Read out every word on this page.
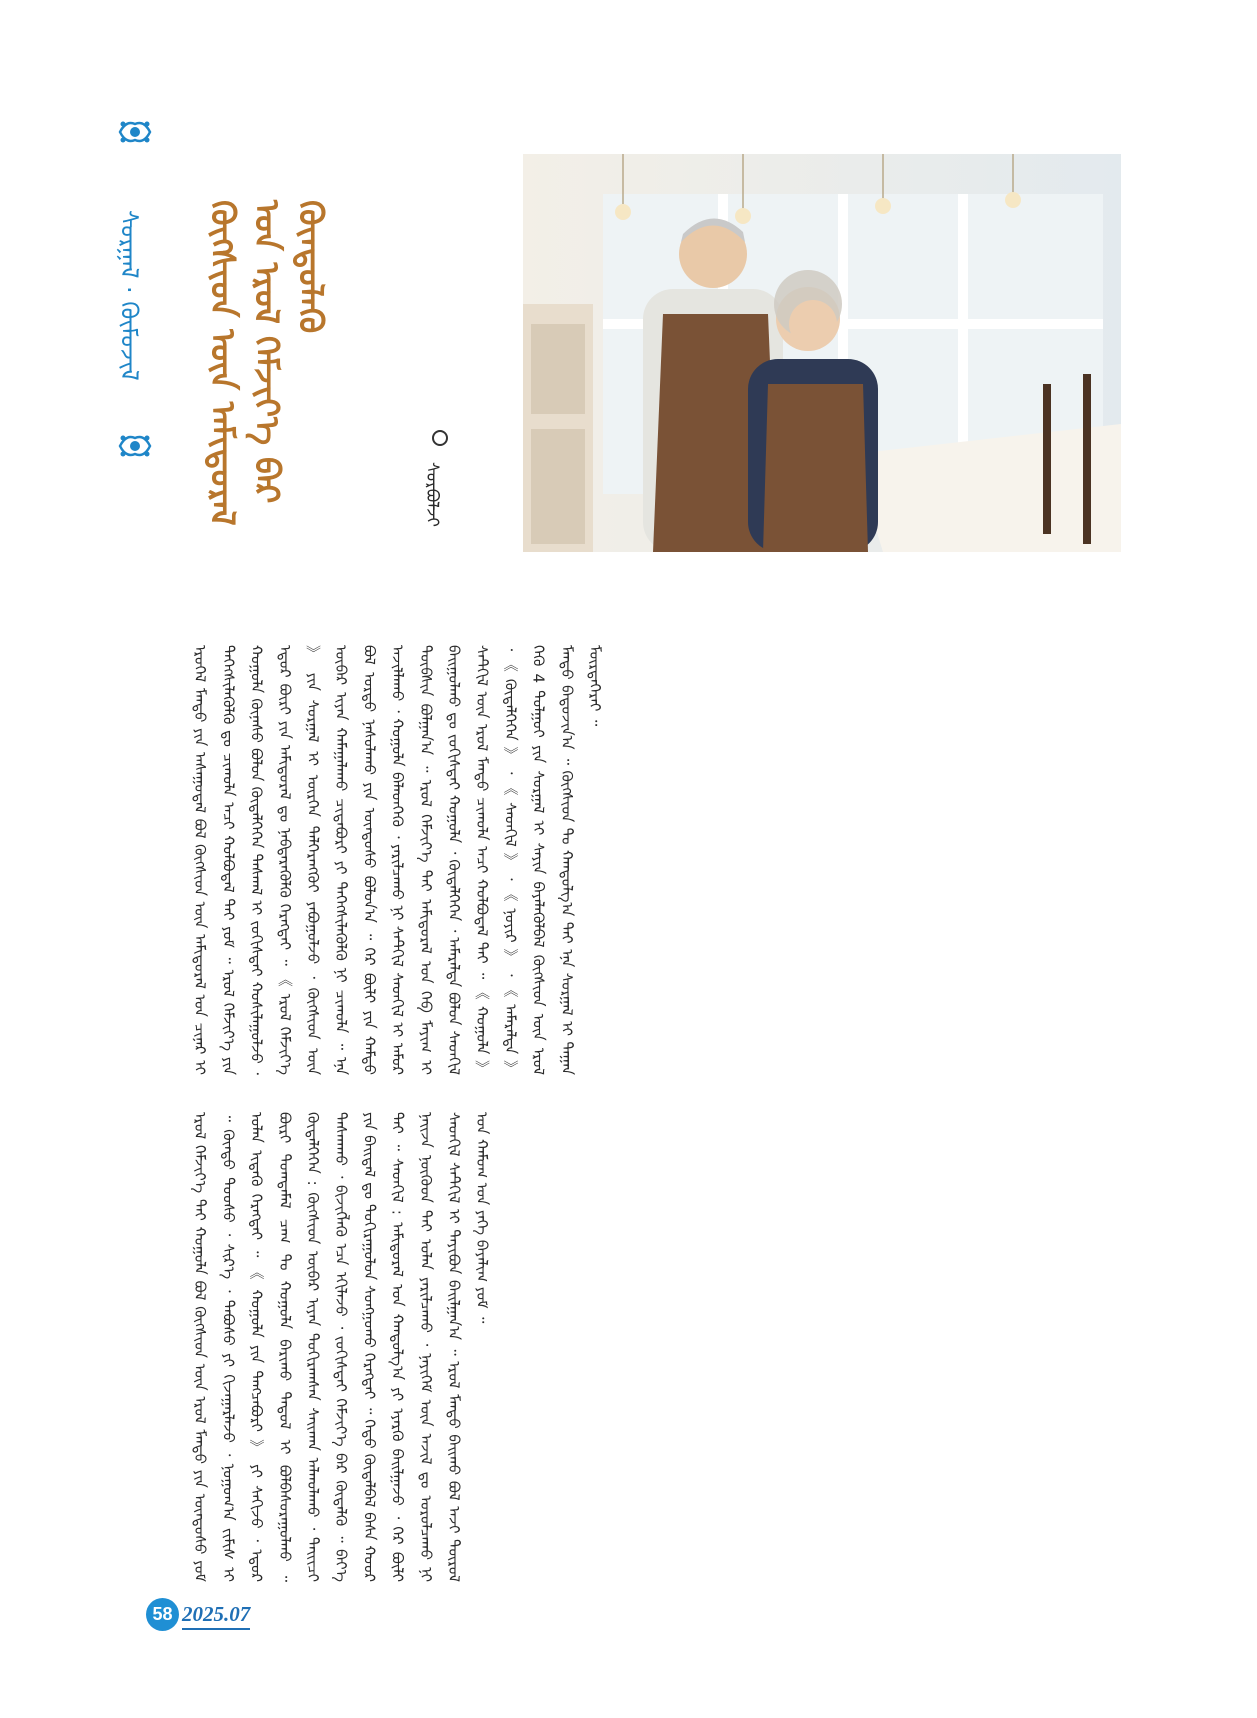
ᠰᠤᠷᠭᠠᠯ · ᠬᠦᠮᠦᠵᠢᠯ	ᠬᠥᠭᠰᠢᠳ ᠦᠨ ᠠᠮᠢᠳᠤᠷᠠᠯ ᠤᠨ ᠡᠷᠦᠯ ᠬᠡᠮᠵᠢᠶ᠎ᠡ ᠪᠡᠷ ᠬᠦᠨᠳᠦᠯᠡᠬᠦ
ᠰᠤᠷᠪᠤᠯᠵᠢ
ᠡᠷᠦᠭᠡᠯ ᠮᠡᠨᠳᠦ ᠶᠢᠨ ᠠᠰᠠᠭᠤᠳᠠᠯ ᠪᠣᠯ ᠬᠥᠭᠰᠢᠳ ᠦᠨ ᠠᠮᠢᠳᠤᠷᠠᠯ ᠤᠨ ᠴᠢᠨᠠᠷ ᠢ ᠳᠡᠭᠡᠭᠰᠢᠯᠡᠭᠦᠯᠬᠦ ᠳᠤ ᠴᠢᠬᠤᠯᠠ ᠠᠴᠢ ᠬᠣᠯᠪᠣᠳᠠᠯ ᠲᠠᠢ ᠶᠤᠮ ᠃ ᠡᠷᠦᠯ ᠬᠡᠮᠵᠢᠶ᠎ᠡ ᠶᠢᠨ ᠬᠣᠭᠣᠯᠠ ᠬᠦᠨᠡᠰᠦ ᠪᠣᠯᠤᠨ ᠬᠥᠳᠡᠯᠭᠡᠭᠡᠨ ᠳᠠᠰᠬᠠᠯ ᠢ ᠵᠣᠬᠢᠰᠲᠠᠢ ᠬᠣᠰᠢᠯᠠᠭᠤᠯᠵᠤ ᠂ ᠡᠳᠦᠷ ᠪᠦᠷᠢ ᠶᠢᠨ ᠠᠮᠢᠳᠤᠷᠠᠯ ᠳᠤ ᠨᠡᠪᠲᠡᠷᠡᠭᠦᠯᠬᠦ ᠬᠡᠷᠡᠭᠲᠡᠢ ᠃ 《 ᠡᠷᠦᠯ ᠬᠡᠮᠵᠢᠶ᠎ᠡ 》 ᠶᠢᠨ ᠰᠤᠷᠭᠠᠯ ᠢ ᠥᠷᠭᠡᠨ ᠳᠡᠯᠭᠡᠷᠡᠩᠭᠦᠢ ᠶᠠᠪᠤᠭᠤᠯᠵᠤ ᠂ ᠬᠥᠭᠰᠢᠳ ᠦᠨ ᠥᠪᠡᠷ ᠢᠶᠡᠨ ᠬᠠᠮᠠᠭᠠᠯᠠᠬᠤ ᠴᠢᠳᠠᠪᠤᠷᠢ ᠶᠢ ᠳᠡᠭᠡᠭᠰᠢᠯᠡᠭᠦᠯᠬᠦ ᠨᠢ ᠴᠢᠬᠤᠯᠠ ᠃ ᠡᠨᠡ ᠪᠣᠯ ᠤᠷᠲᠤ ᠨᠠᠰᠤᠯᠠᠬᠤ ᠶᠢᠨ ᠦᠨᠳᠦᠰᠦ ᠪᠣᠯᠤᠨ᠎ᠠ ᠃ ᠭᠡᠷ ᠪᠦᠯᠢ ᠶᠢᠨ ᠬᠠᠮᠲᠤ ᠠᠵᠢᠯᠯᠠᠬᠤ ᠂ ᠬᠣᠭᠣᠯᠠ ᠪᠡᠯᠡᠳᠬᠡᠬᠦ ᠂ ᠶᠠᠷᠢᠯᠴᠠᠬᠤ ᠨᠢ ᠰᠡᠲᠭᠢᠯ ᠰᠡᠳᠬᠢᠯ ᠢ ᠠᠮᠤᠷ ᠲᠦᠪᠰᠢᠨ ᠪᠣᠯᠭᠠᠨ᠎ᠠ ᠃ ᠡᠷᠦᠯ ᠬᠡᠮᠵᠢᠶ᠎ᠡ ᠲᠠᠢ ᠠᠮᠢᠳᠤᠷᠠᠯ ᠤᠨ ᠬᠡᠪ ᠮᠠᠶᠢᠭ ᠢ ᠪᠠᠢᠭᠤᠯᠬᠤ ᠳᠤ ᠵᠣᠬᠢᠰᠲᠠᠢ ᠬᠣᠭᠣᠯᠠ ᠂ ᠬᠥᠳᠡᠯᠭᠡᠭᠡᠨ ᠂ ᠠᠮᠠᠷᠠᠯᠲᠠ ᠪᠣᠯᠤᠨ ᠰᠡᠳᠬᠢᠯ ᠰᠡᠲᠭᠢᠯ ᠦᠨ ᠡᠷᠦᠯ ᠮᠡᠨᠳᠦ ᠴᠢᠬᠤᠯᠠ ᠠᠴᠢ ᠬᠣᠯᠪᠣᠳᠠᠯ ᠲᠠᠢ ᠃ 《 ᠬᠣᠭᠣᠯᠠ 》 ᠂ 《 ᠬᠥᠳᠡᠯᠭᠡᠭᠡᠨ 》 ᠂ 《 ᠰᠡᠳᠬᠢᠯ 》 ᠂ 《 ᠨᠣᠶᠢᠷ 》 ᠂ 《 ᠠᠮᠠᠷᠠᠯᠲᠠ 》 ᠭᠡᠬᠦ 4 ᠲᠣᠯᠭᠣᠢ ᠶᠢᠨ ᠰᠤᠷᠭᠠᠯ ᠢ ᠰᠠᠶᠢᠨ ᠪᠡᠶᠡᠯᠡᠭᠦᠯᠪᠡᠯ ᠬᠥᠭᠰᠢᠳ ᠦᠨ ᠡᠷᠦᠯ ᠮᠡᠨᠳᠦ ᠪᠠᠲᠤᠵᠢᠨ᠎ᠠ ᠃ ᠬᠥᠭᠰᠢᠳ ᠲᠤ ᠬᠠᠨᠳᠤᠯᠭ᠎ᠠ ᠲᠠᠢ ᠡᠨᠡ ᠰᠤᠷᠭᠠᠯ ᠢ ᠳᠠᠭᠠᠨ ᠮᠥᠷᠳᠡᠭᠡᠷᠡᠢ ᠃
ᠡᠷᠦᠯ ᠬᠡᠮᠵᠢᠶ᠎ᠡ ᠲᠠᠢ ᠬᠣᠭᠣᠯᠠ ᠪᠣᠯ ᠬᠥᠭᠰᠢᠳ ᠦᠨ ᠡᠷᠦᠯ ᠮᠡᠨᠳᠦ ᠶᠢᠨ ᠦᠨᠳᠦᠰᠦ ᠶᠤᠮ ᠃ ᠬᠦᠨᠳᠦ ᠲᠣᠣᠰᠤ ᠂ ᠰᠢᠷ᠎ᠡ ᠂ ᠳᠠᠪᠤᠰᠤ ᠶᠢ ᠬᠢᠵᠠᠭᠠᠷᠯᠠᠵᠤ ᠂ ᠨᠣᠭᠤᠭ᠎ᠠ ᠵᠢᠮᠢᠰ ᠢ ᠣᠯᠠᠨ ᠢᠳᠡᠬᠦ ᠬᠡᠷᠡᠭᠲᠡᠢ ᠃ 《 ᠬᠣᠭᠣᠯᠠ ᠶᠢᠨ ᠲᠡᠩᠴᠡᠪᠦᠷᠢ 》 ᠶᠢ ᠰᠠᠬᠢᠵᠤ ᠂ ᠡᠳᠦᠷ ᠪᠦᠷᠢ ᠲᠣᠭᠲᠠᠮᠠᠯ ᠴᠠᠭ ᠲᠤ ᠬᠣᠭᠣᠯᠠ ᠪᠠᠷᠢᠬᠤ ᠳᠠᠳᠤᠯ ᠢ ᠪᠣᠯᠪᠠᠰᠤᠷᠠᠭᠤᠯᠬᠤ ᠃ ᠬᠥᠳᠡᠯᠭᠡᠭᠡᠨ : ᠬᠥᠭᠰᠢᠳ ᠥᠪᠡᠷ ᠢᠶᠡᠨ ᠲᠣᠬᠢᠷᠠᠭᠰᠠᠨ ᠰᠠᠢᠬᠠᠨ ᠠᠯᠬᠤᠯᠠᠬᠤ ᠂ ᠲᠠᠢᠢᠴᠢ ᠳᠠᠰᠬᠠᠬᠤ ᠂ ᠪᠢᠵᠢᠭᠯᠡᠬᠦ ᠡᠴᠡ ᠡᠬᠢᠯᠡᠵᠦ ᠂ ᠵᠣᠬᠢᠰᠲᠠᠢ ᠬᠡᠮᠵᠢᠶ᠎ᠡ ᠪᠡᠷ ᠬᠥᠳᠡᠯᠬᠦ ᠃ ᠪᠡᠶ᠎ᠡ ᠶᠢᠨ ᠪᠠᠢᠳᠠᠯ ᠳᠤ ᠲᠣᠬᠢᠷᠠᠭᠤᠯᠤᠨ ᠰᠤᠩᠭᠤᠬᠤ ᠬᠡᠷᠡᠭᠲᠡᠢ ᠃ ᠬᠡᠳᠦ ᠬᠥᠳᠡᠯᠪᠡᠯ ᠪᠠᠰᠠ ᠬᠣᠤᠷ ᠲᠠᠢ ᠃ ᠰᠡᠳᠬᠢᠯ : ᠠᠮᠢᠳᠤᠷᠠᠯ ᠤᠨ ᠬᠠᠨᠳᠤᠯᠭ᠎ᠠ ᠶᠢ ᠡᠶᠡᠷᠭᠦ ᠪᠠᠢᠯᠭᠠᠵᠤ ᠂ ᠭᠡᠷ ᠪᠦᠯᠢ ᠨᠠᠢᠵᠠ ᠨᠥᠬᠦᠳ ᠲᠡᠢ ᠣᠯᠠᠨ ᠶᠠᠷᠢᠯᠴᠠᠬᠤ ᠂ ᠨᠡᠶᠢᠭᠡᠮ ᠦᠨ ᠠᠵᠢᠯ ᠳᠤ ᠣᠷᠤᠯᠴᠠᠬᠤ ᠨᠢ ᠰᠡᠳᠬᠢᠯ ᠰᠡᠲᠭᠢᠯ ᠢ ᠲᠠᠶᠢᠪᠤᠨ ᠪᠠᠢᠯᠭᠠᠨ᠎ᠠ ᠃ ᠡᠷᠦᠯ ᠮᠡᠨᠳᠦ ᠪᠠᠢᠬᠤ ᠪᠣᠯ ᠠᠵᠢ ᠲᠥᠷᠦᠯ ᠤᠨ ᠬᠠᠮᠤᠭ ᠤᠨ ᠶᠡᠬᠡ ᠪᠠᠶᠠᠯᠢᠭ ᠶᠤᠮ ᠃
58 2025.07
